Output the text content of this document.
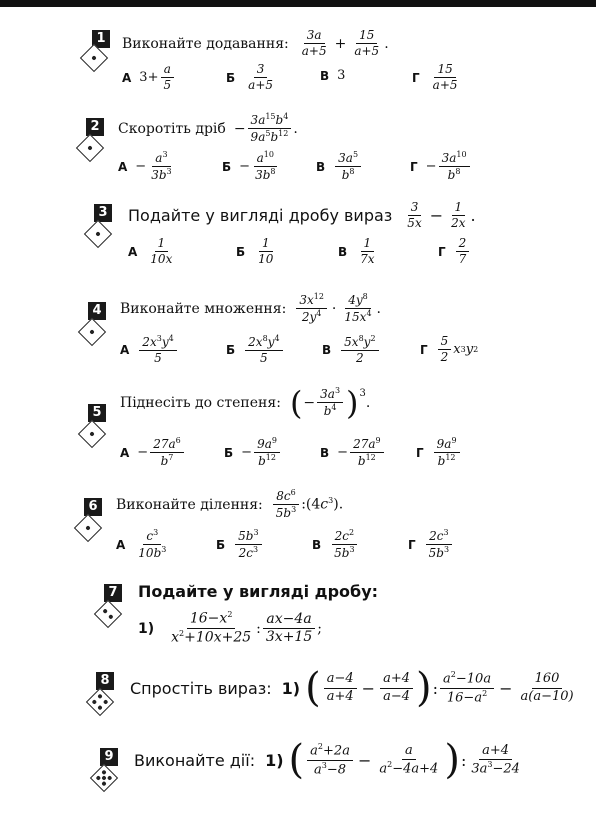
1	Виконайте додавання:
3a
$a+5 + \frac{15}{a+5}$ .
А $3+ \frac{a}{5}$	Б
3
a+5
В 3	Г
15
a+5
2	Скоротіть дріб − $\frac{3a^{15}b^4}{9a^5b^{12}}$ .
$А - \frac{a^3}{3b^3}$	$Б - \frac{a^{10}}{3b^8}$	В
$3a^5$
$b^8$	$Г - \frac{3a^{10}}{b^8}$
3 Подайте у вигляді дробу вираз 3
$5x - \frac{1}{2x}$ .
А
1
10x
Б
1
10
В
1
7x
Г
2
7
4	Виконайте множення:
$3x^{12}$
$2y^4$ ·
$4y^8$
$15x^4$ .
А
$2x^3y^4$
5
Б
$2x^8y^4$
5
В
$5x^8y^2$
2
Г
5
2 x 3 y 2
5
Піднесіть до степеня: ( − $\frac{3a^3}{b^4} )^3$
.
$А - \frac{27a^6}{b^7}$	$Б - \frac{9a^9}{b^{12}}$	$В - \frac{27a^9}{b^{12}}$	Г
$9a^9$
$b^{12}$
6	Виконайте ділення:
$8c^6$
$5b^3$ $:(4c^3)$.
А
$c^3$
$10b^3$	Б
$5b^3$
$2c^3$	В
$2c^2$
$5b^3$	Г
$2c^3$
$5b^3$
7 Подайте у вигляді дробу:
1)
$16-x^2$
$x^2+10x+25$
:
ax−4a
3x+15
;
8 Спростіть вираз: 1) ( a−4
$a+4 - \frac{a+4}{a-4}$ ) : $a^2-10a$
$16-a^2 - \frac{160}{a(a-10)}$
9 Виконайте дії: 1) ( $a^2+2a$
$a^3-8 - \frac{a}{a^2-4a+4}$ ) :
a+4
$3a^3-24$
